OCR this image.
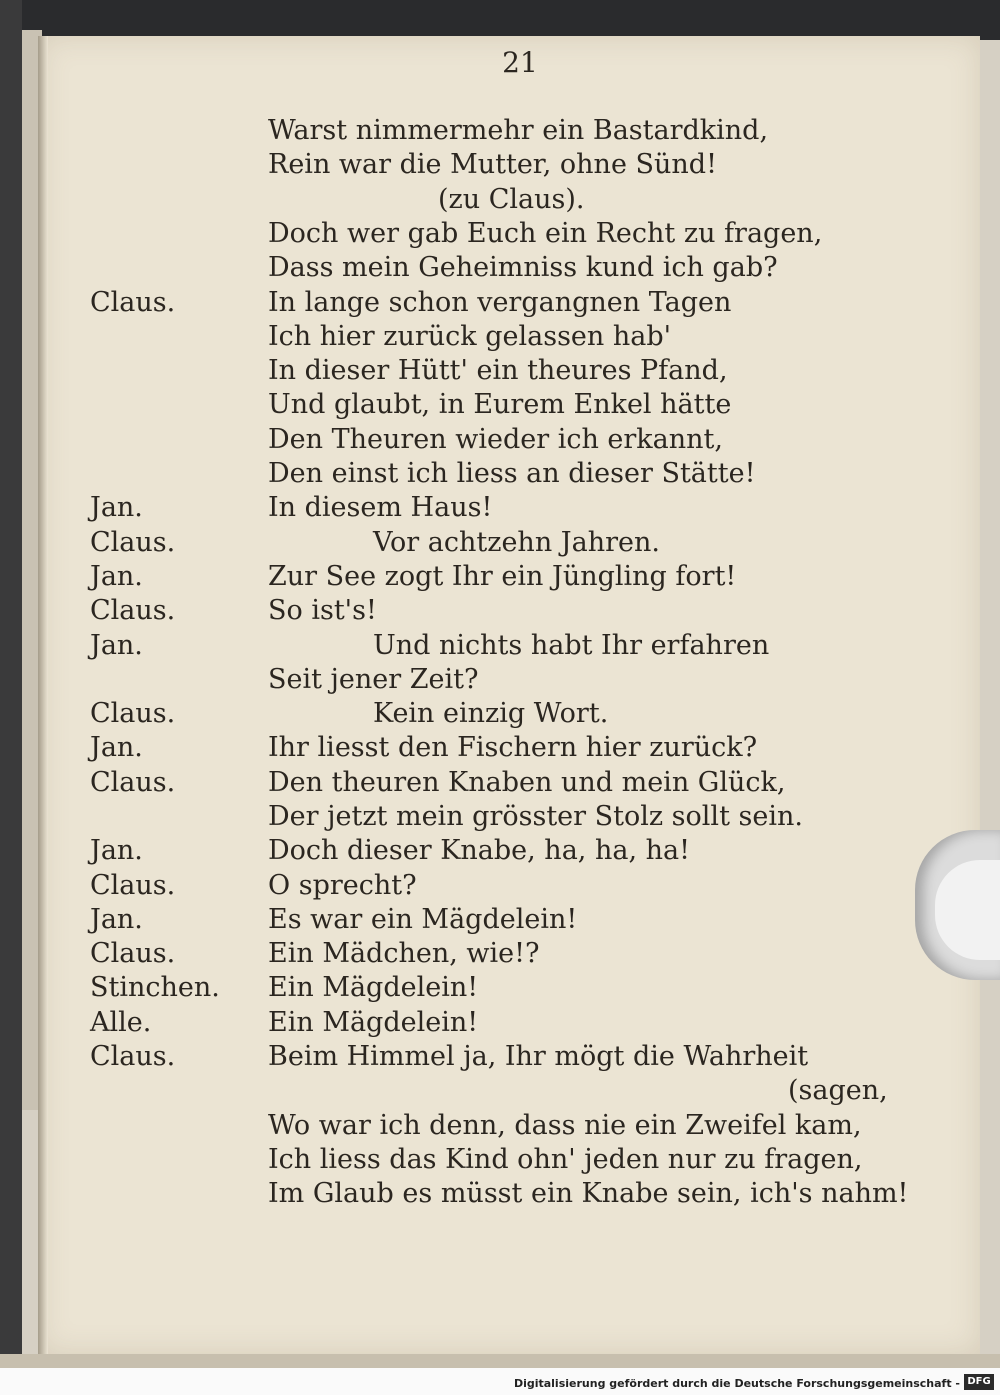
21
Warst nimmermehr ein Bastardkind,
Rein war die Mutter, ohne Sünd!
(zu Claus).
Doch wer gab Euch ein Recht zu fragen,
Dass mein Geheimniss kund ich gab?
Claus.	In lange schon vergangnen Tagen
Ich hier zurück gelassen hab'
In dieser Hütt' ein theures Pfand,
Und glaubt, in Eurem Enkel hätte
Den Theuren wieder ich erkannt,
Den einst ich liess an dieser Stätte!
Jan.	In diesem Haus!
Claus.	Vor achtzehn Jahren.
Jan.	Zur See zogt Ihr ein Jüngling fort!
Claus.	So ist's!
Jan.	Und nichts habt Ihr erfahren
Seit jener Zeit?
Claus.	Kein einzig Wort.
Jan.	Ihr liesst den Fischern hier zurück?
Claus.	Den theuren Knaben und mein Glück,
Der jetzt mein grösster Stolz sollt sein.
Jan.	Doch dieser Knabe, ha, ha, ha!
Claus.	O sprecht?
Jan.	Es war ein Mägdelein!
Claus.	Ein Mädchen, wie!?
Stinchen. Ein Mägdelein!
Alle.	Ein Mägdelein!
Claus.	Beim Himmel ja, Ihr mögt die Wahrheit
(sagen,
Wo war ich denn, dass nie ein Zweifel kam,
Ich liess das Kind ohn' jeden nur zu fragen,
Im Glaub es müsst ein Knabe sein, ich's nahm!
Digitalisierung gefördert durch die Deutsche Forschungsgemeinschaft - DFG
